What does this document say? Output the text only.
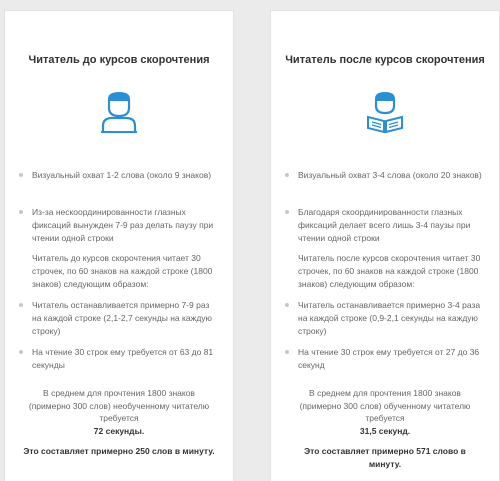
Читатель до курсов скорочтения
Визуальный охват 1-2 слова (около 9 знаков)
Из-за нескоординированности глазных фиксаций вынужден 7-9 раз делать паузу при чтении одной строки
Читатель до курсов скорочтения читает 30 строчек, по 60 знаков на каждой строке (1800 знаков) следующим образом:
Читатель останавливается примерно 7-9 раз на каждой строке (2,1-2,7 секунды на каждую строку)
На чтение 30 строк ему требуется от 63 до 81 секунды
В среднем для прочтения 1800 знаков (примерно 300 слов) необученному читателю требуется
72 секунды.
Это составляет примерно 250 слов в минуту.
Читатель после курсов скорочтения
Визуальный охват 3-4 слова (около 20 знаков)
Благодаря скоординированности глазных фиксаций делает всего лишь 3-4 паузы при чтении одной строки
Читатель после курсов скорочтения читает 30 строчек, по 60 знаков на каждой строке (1800 знаков) следующим образом:
Читатель останавливается примерно 3-4 раза на каждой строке (0,9-2,1 секунды на каждую строку)
На чтение 30 строк ему требуется от 27 до 36 секунд
В среднем для прочтения 1800 знаков (примерно 300 слов) обученному читателю требуется
31,5 секунд.
Это составляет примерно 571 слово в минуту.
